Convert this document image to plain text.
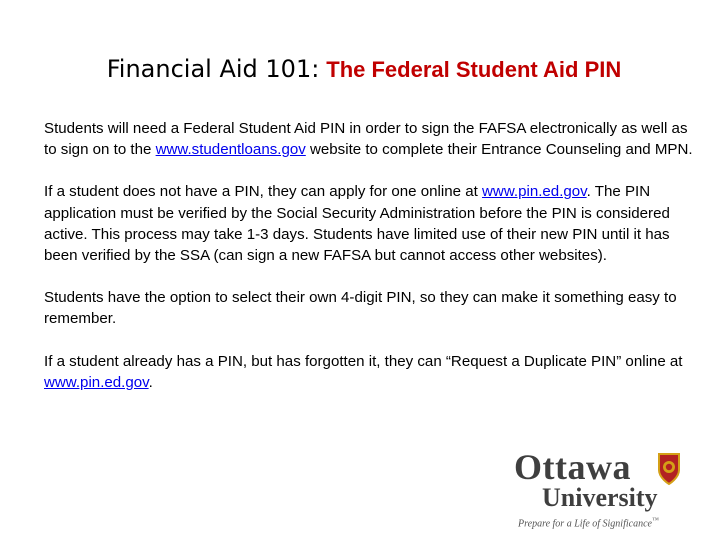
Financial Aid 101: The Federal Student Aid PIN

Students will need a Federal Student Aid PIN in order to sign the FAFSA electronically as well as to sign on to the www.studentloans.gov website to complete their Entrance Counseling and MPN.

If a student does not have a PIN, they can apply for one online at www.pin.ed.gov. The PIN application must be verified by the Social Security Administration before the PIN is considered active. This process may take 1-3 days. Students have limited use of their new PIN until it has been verified by the SSA (can sign a new FAFSA but cannot access other websites).

Students have the option to select their own 4-digit PIN, so they can make it something easy to remember.

If a student already has a PIN, but has forgotten it, they can “Request a Duplicate PIN” online at www.pin.ed.gov.

Ottawa
University
Prepare for a Life of Significance™
